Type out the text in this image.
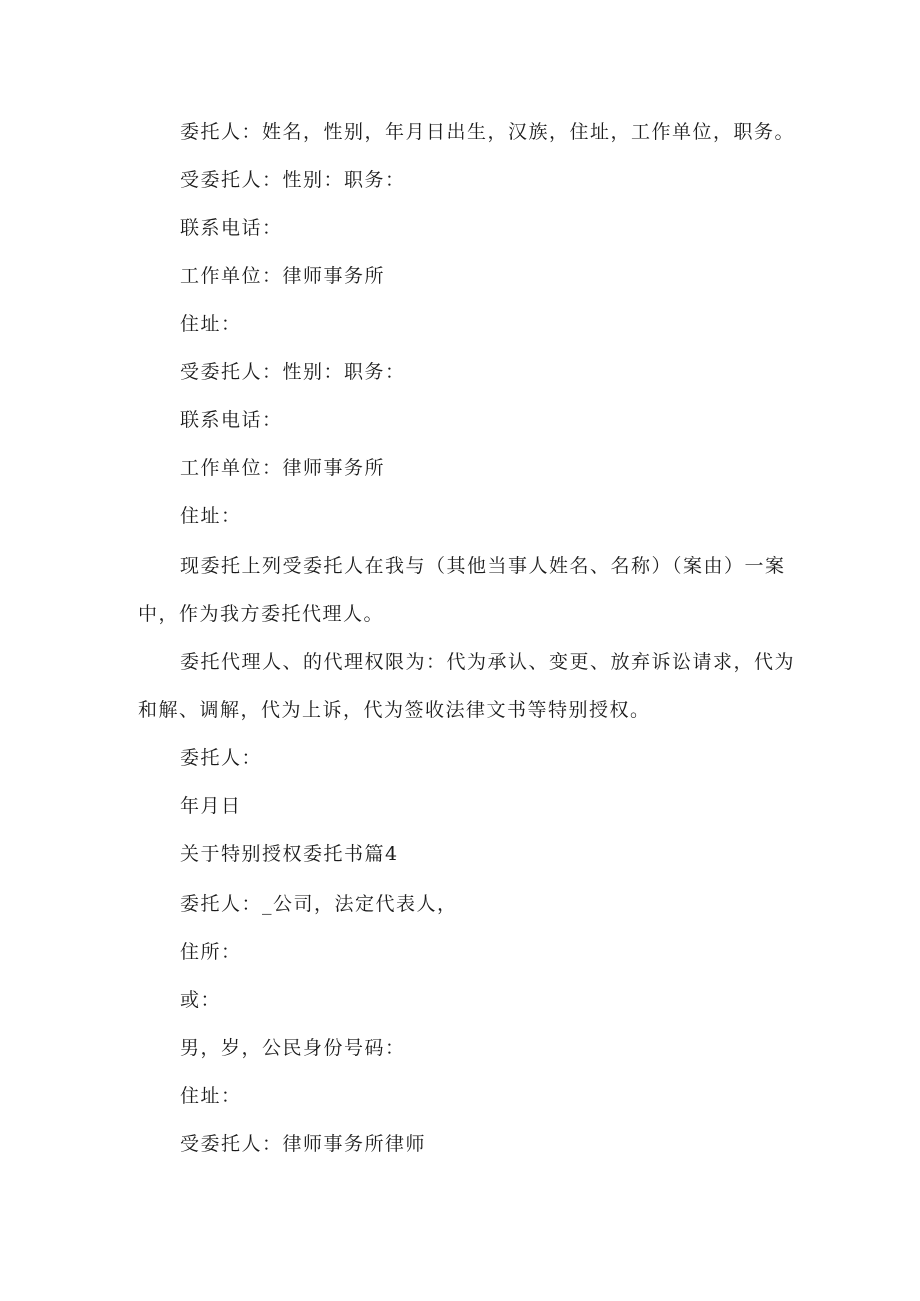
委托人：姓名，性别，年月日出生，汉族，住址，工作单位，职务。

受委托人：性别：职务：

联系电话：

工作单位：律师事务所

住址：

受委托人：性别：职务：

联系电话：

工作单位：律师事务所

住址：

现委托上列受委托人在我与（其他当事人姓名、名称）（案由）一案

中，作为我方委托代理人。

委托代理人、的代理权限为：代为承认、变更、放弃诉讼请求，代为

和解、调解，代为上诉，代为签收法律文书等特别授权。

委托人：

年月日

关于特别授权委托书篇4

委托人：_公司，法定代表人，

住所：

或：

男，岁，公民身份号码：

住址：

受委托人：律师事务所律师
